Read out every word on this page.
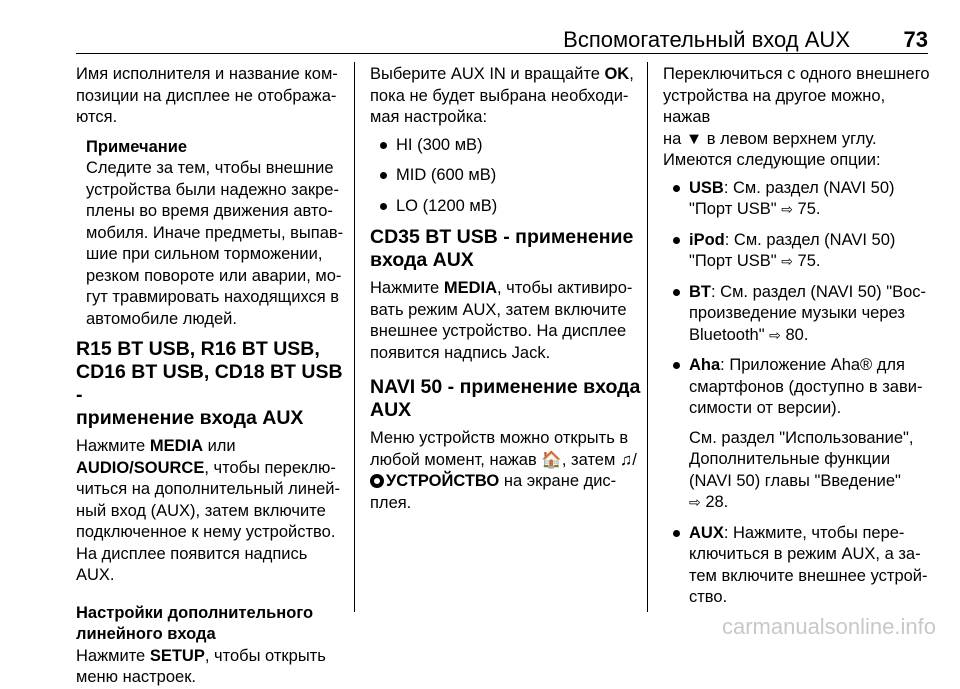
Вспомогательный вход AUX 73

Имя исполнителя и название ком-
позиции на дисплее не отобража-
ются.

Примечание
Следите за тем, чтобы внешние
устройства были надежно закре-
плены во время движения авто-
мобиля. Иначе предметы, выпав-
шие при сильном торможении,
резком повороте или аварии, мо-
гут травмировать находящихся в
автомобиле людей.
R15 BT USB, R16 BT USB,
CD16 BT USB, CD18 BT USB -
применение входа AUX

Нажмите MEDIA или
AUDIO/SOURCE, чтобы переклю-
читься на дополнительный линей-
ный вход (AUX), затем включите
подключенное к нему устройство.
На дисплее появится надпись
AUX.

Настройки дополнительного
линейного входа

Нажмите SETUP, чтобы открыть
меню настроек.

Выберите AUX IN и вращайте OK,
пока не будет выбрана необходи-
мая настройка:

HI (300 мВ)
MID (600 мВ)
LO (1200 мВ)
CD35 BT USB - применение
входа AUX

Нажмите MEDIA, чтобы активиро-
вать режим AUX, затем включите
внешнее устройство. На дисплее
появится надпись Jack.

NAVI 50 - применение входа
AUX

Меню устройств можно открыть в
любой момент, нажав 🏠, затем ♫/
УСТРОЙСТВО на экране дис-
плея.

Переключиться с одного внешнего
устройства на другое можно, нажав
на ▼ в левом верхнем углу.
Имеются следующие опции:

USB: См. раздел (NAVI 50)
"Порт USB" ⇨ 75.
iPod: См. раздел (NAVI 50)
"Порт USB" ⇨ 75.
BT: См. раздел (NAVI 50) "Вос-
произведение музыки через
Bluetooth" ⇨ 80.
Aha: Приложение Aha® для
смартфонов (доступно в зави-
симости от версии).
См. раздел "Использование",
Дополнительные функции
(NAVI 50) главы "Введение"
⇨ 28.
AUX: Нажмите, чтобы пере-
ключиться в режим AUX, а за-
тем включите внешнее устрой-
ство.
carmanualsonline.info
